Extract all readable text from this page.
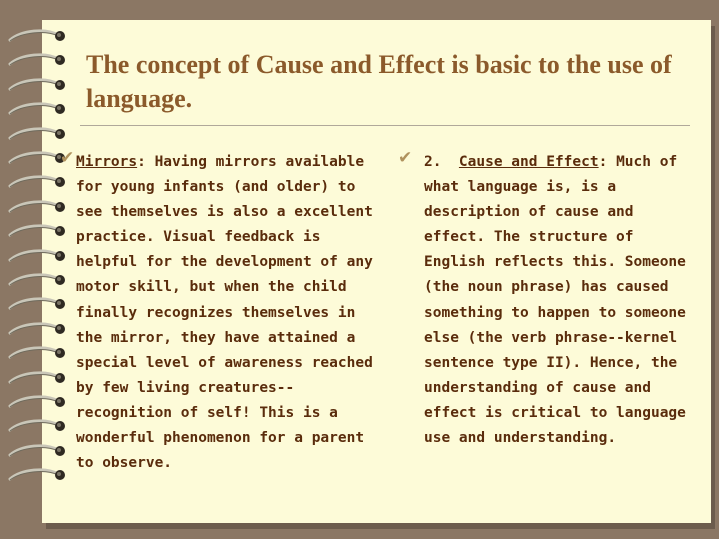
The concept of Cause and Effect is basic to the use of language.
✔ Mirrors: Having mirrors available for young infants (and older) to see themselves is also a excellent practice. Visual feedback is helpful for the development of any motor skill, but when the child finally recognizes themselves in the mirror, they have attained a special level of awareness reached by few living creatures--recognition of self! This is a wonderful phenomenon for a parent to observe.
✔ 2.  Cause and Effect: Much of what language is, is a description of cause and effect. The structure of English reflects this. Someone (the noun phrase) has caused something to happen to someone else (the verb phrase--kernel sentence type II). Hence, the understanding of cause and effect is critical to language use and understanding.
